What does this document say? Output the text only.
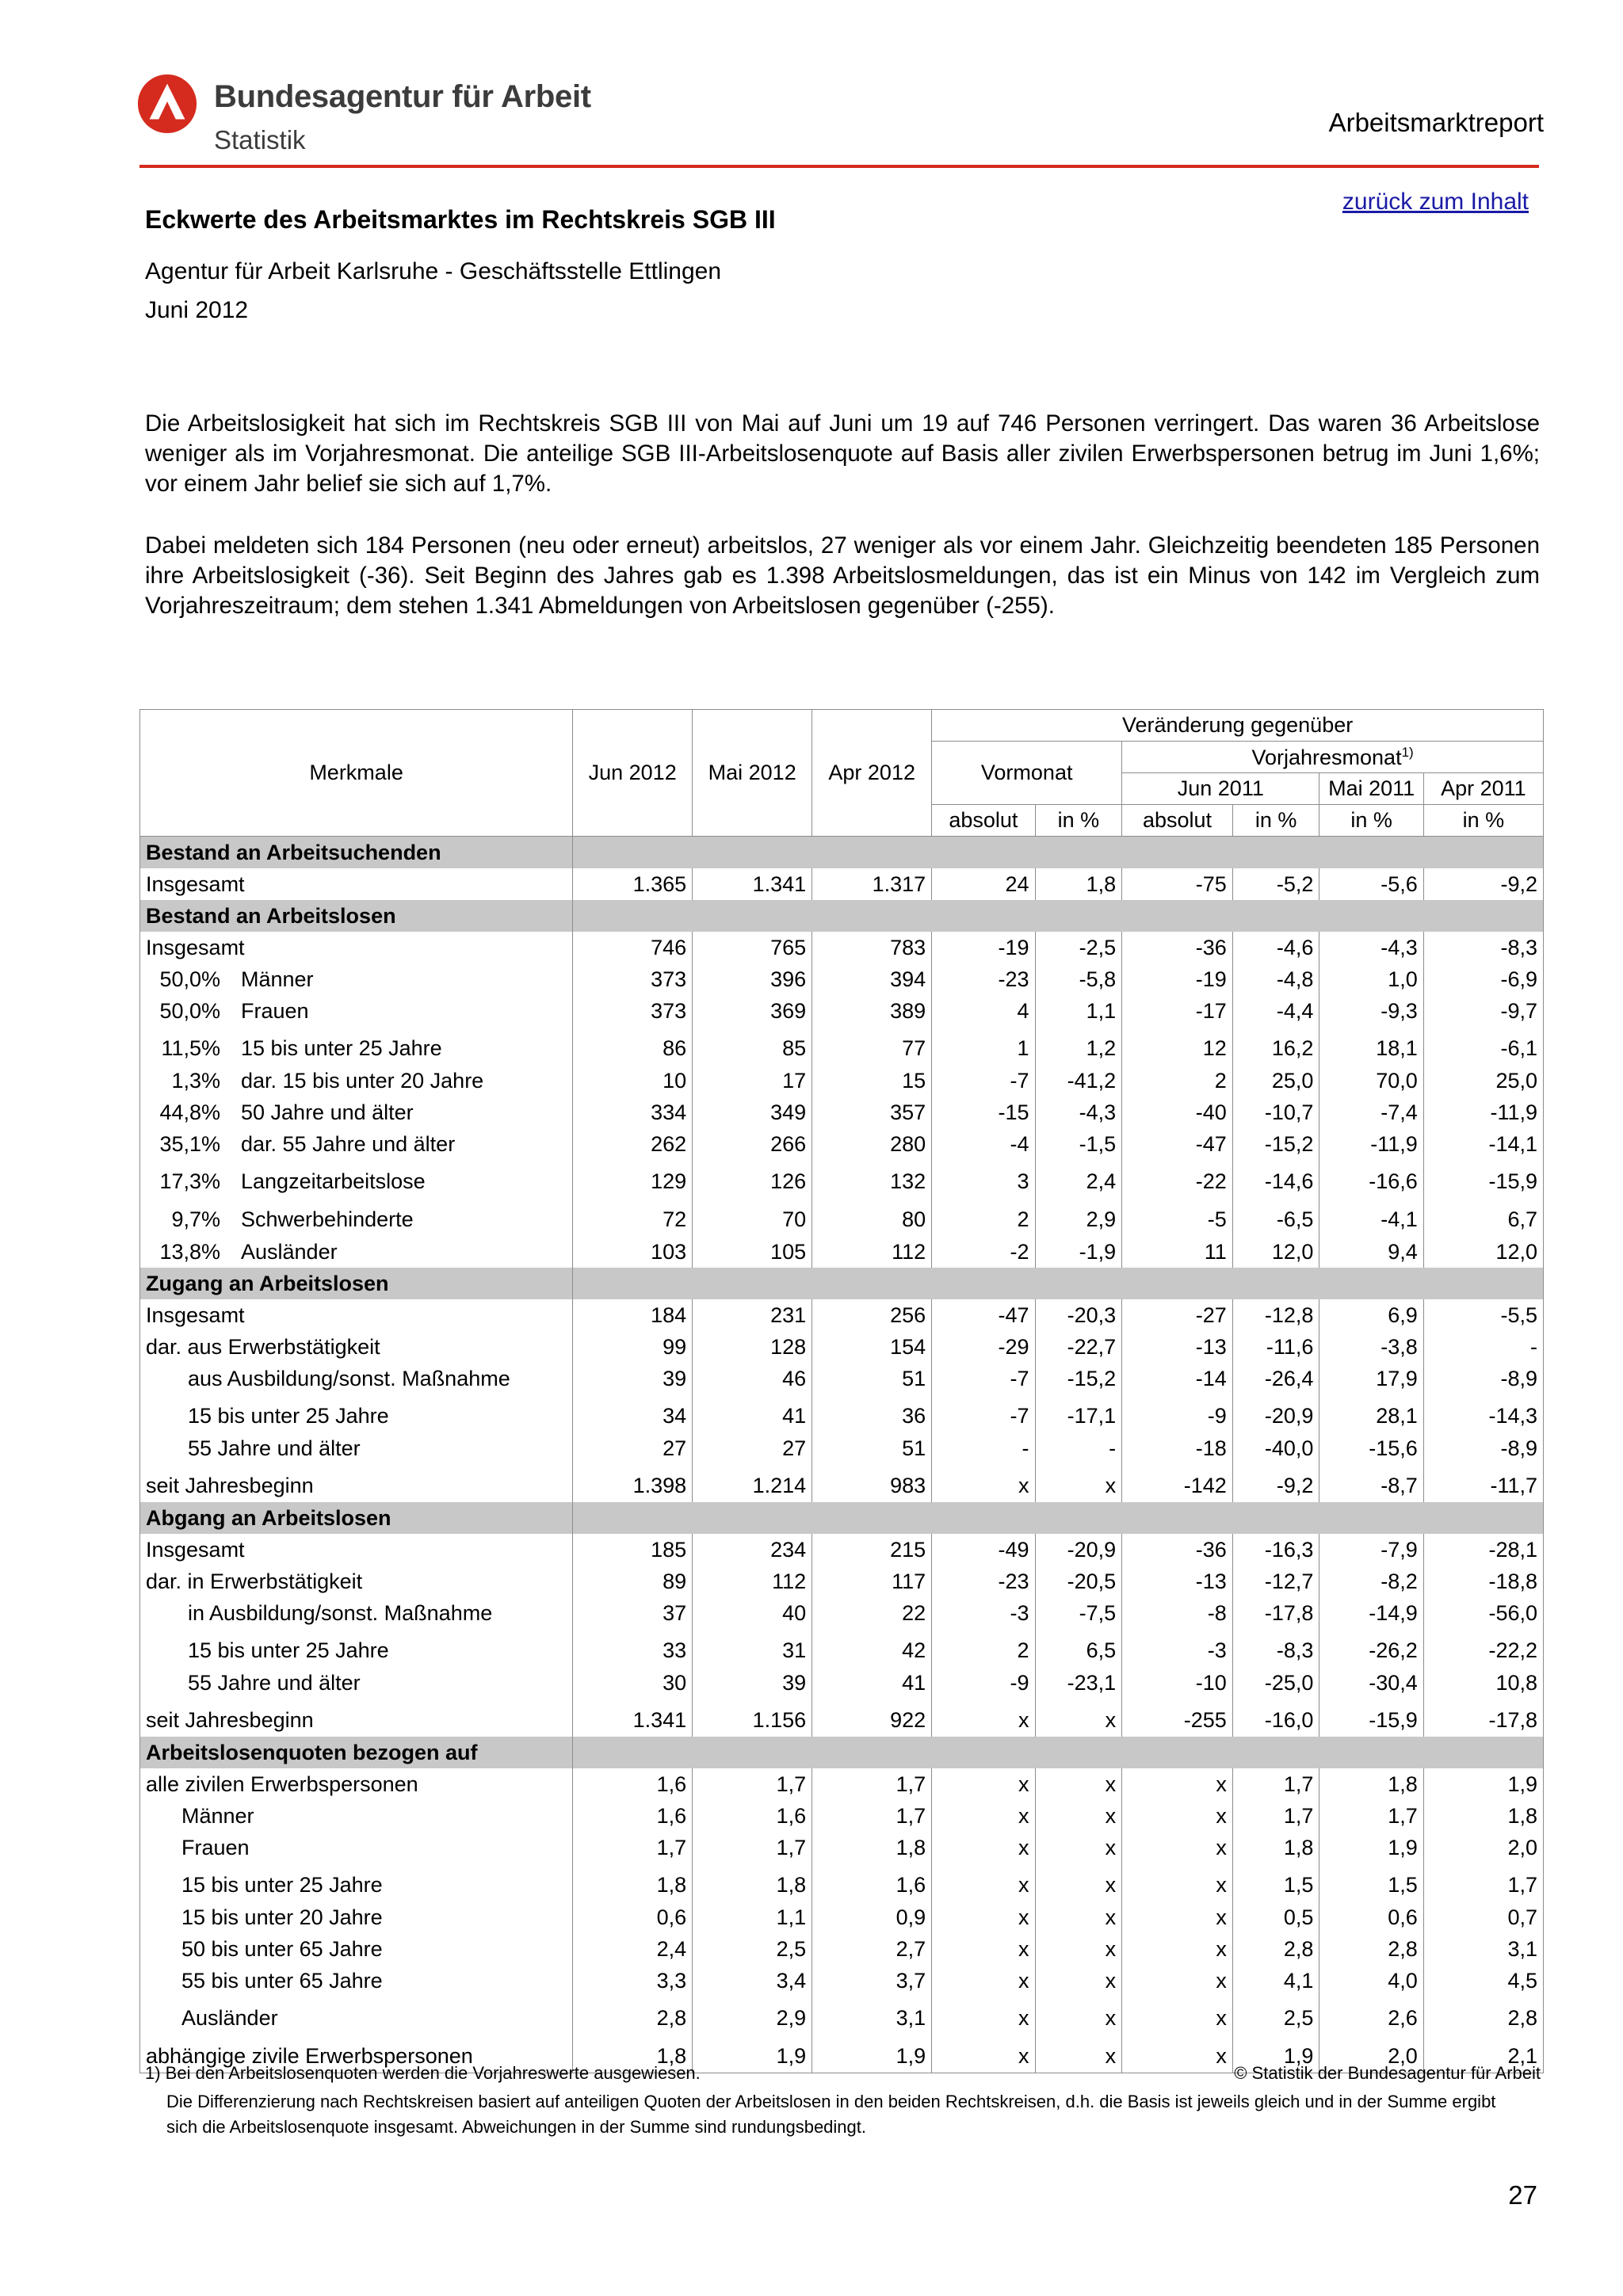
Bundesagentur für Arbeit
Statistik
Arbeitsmarktreport
zurück zum Inhalt
Eckwerte des Arbeitsmarktes im Rechtskreis SGB III
Agentur für Arbeit Karlsruhe - Geschäftsstelle Ettlingen
Juni 2012
Die Arbeitslosigkeit hat sich im Rechtskreis SGB III von Mai auf Juni um 19 auf 746 Personen verringert. Das waren 36 Arbeitslose weniger als im Vorjahresmonat. Die anteilige SGB III-Arbeitslosenquote auf Basis aller zivilen Erwerbspersonen betrug im Juni 1,6%; vor einem Jahr belief sie sich auf 1,7%.
Dabei meldeten sich 184 Personen (neu oder erneut) arbeitslos, 27 weniger als vor einem Jahr. Gleichzeitig beendeten 185 Personen ihre Arbeitslosigkeit (-36). Seit Beginn des Jahres gab es 1.398 Arbeitslosmeldungen, das ist ein Minus von 142 im Vergleich zum Vorjahreszeitraum; dem stehen 1.341 Abmeldungen von Arbeitslosen gegenüber (-255).
Merkmale	Jun 2012	Mai 2012	Apr 2012	Veränderung gegenüber					
				Vormonat		Vorjahresmonat$^{1)}$
						Jun 2011		Mai 2011	Apr 2011
				absolut	in %	absolut	in %	in %	in %
Bestand an Arbeitsuchenden									
Insgesamt	1.365	1.341	1.317	24	1,8	-75	-5,2	-5,6	-9,2
Bestand an Arbeitslosen									
Insgesamt	746	765	783	-19	-2,5	-36	-4,6	-4,3	-8,3
50,0% Männer	373	396	394	-23	-5,8	-19	-4,8	1,0	-6,9
50,0% Frauen	373	369	389	4	1,1	-17	-4,4	-9,3	-9,7
11,5% 15 bis unter 25 Jahre	86	85	77	1	1,2	12	16,2	18,1	-6,1
1,3% dar. 15 bis unter 20 Jahre	10	17	15	-7	-41,2	2	25,0	70,0	25,0
44,8% 50 Jahre und älter	334	349	357	-15	-4,3	-40	-10,7	-7,4	-11,9
35,1% dar. 55 Jahre und älter	262	266	280	-4	-1,5	-47	-15,2	-11,9	-14,1
17,3% Langzeitarbeitslose	129	126	132	3	2,4	-22	-14,6	-16,6	-15,9
9,7% Schwerbehinderte	72	70	80	2	2,9	-5	-6,5	-4,1	6,7
13,8% Ausländer	103	105	112	-2	-1,9	11	12,0	9,4	12,0
Zugang an Arbeitslosen									
Insgesamt	184	231	256	-47	-20,3	-27	-12,8	6,9	-5,5
dar. aus Erwerbstätigkeit	99	128	154	-29	-22,7	-13	-11,6	-3,8	-
aus Ausbildung/sonst. Maßnahme	39	46	51	-7	-15,2	-14	-26,4	17,9	-8,9
15 bis unter 25 Jahre	34	41	36	-7	-17,1	-9	-20,9	28,1	-14,3
55 Jahre und älter	27	27	51	-	-	-18	-40,0	-15,6	-8,9
seit Jahresbeginn	1.398	1.214	983	x	x	-142	-9,2	-8,7	-11,7
Abgang an Arbeitslosen									
Insgesamt	185	234	215	-49	-20,9	-36	-16,3	-7,9	-28,1
dar. in Erwerbstätigkeit	89	112	117	-23	-20,5	-13	-12,7	-8,2	-18,8
in Ausbildung/sonst. Maßnahme	37	40	22	-3	-7,5	-8	-17,8	-14,9	-56,0
15 bis unter 25 Jahre	33	31	42	2	6,5	-3	-8,3	-26,2	-22,2
55 Jahre und älter	30	39	41	-9	-23,1	-10	-25,0	-30,4	10,8
seit Jahresbeginn	1.341	1.156	922	x	x	-255	-16,0	-15,9	-17,8
Arbeitslosenquoten bezogen auf									
alle zivilen Erwerbspersonen	1,6	1,7	1,7	x	x	x	1,7	1,8	1,9
Männer	1,6	1,6	1,7	x	x	x	1,7	1,7	1,8
Frauen	1,7	1,7	1,8	x	x	x	1,8	1,9	2,0
15 bis unter 25 Jahre	1,8	1,8	1,6	x	x	x	1,5	1,5	1,7
15 bis unter 20 Jahre	0,6	1,1	0,9	x	x	x	0,5	0,6	0,7
50 bis unter 65 Jahre	2,4	2,5	2,7	x	x	x	2,8	2,8	3,1
55 bis unter 65 Jahre	3,3	3,4	3,7	x	x	x	4,1	4,0	4,5
Ausländer	2,8	2,9	3,1	x	x	x	2,5	2,6	2,8
abhängige zivile Erwerbspersonen	1,8	1,9	1,9	x	x	x	1,9	2,0	2,1
1) Bei den Arbeitslosenquoten werden die Vorjahreswerte ausgewiesen.	© Statistik der Bundesagentur für Arbeit
Die Differenzierung nach Rechtskreisen basiert auf anteiligen Quoten der Arbeitslosen in den beiden Rechtskreisen, d.h. die Basis ist jeweils gleich und in der Summe ergibt sich die Arbeitslosenquote insgesamt. Abweichungen in der Summe sind rundungsbedingt.
27
